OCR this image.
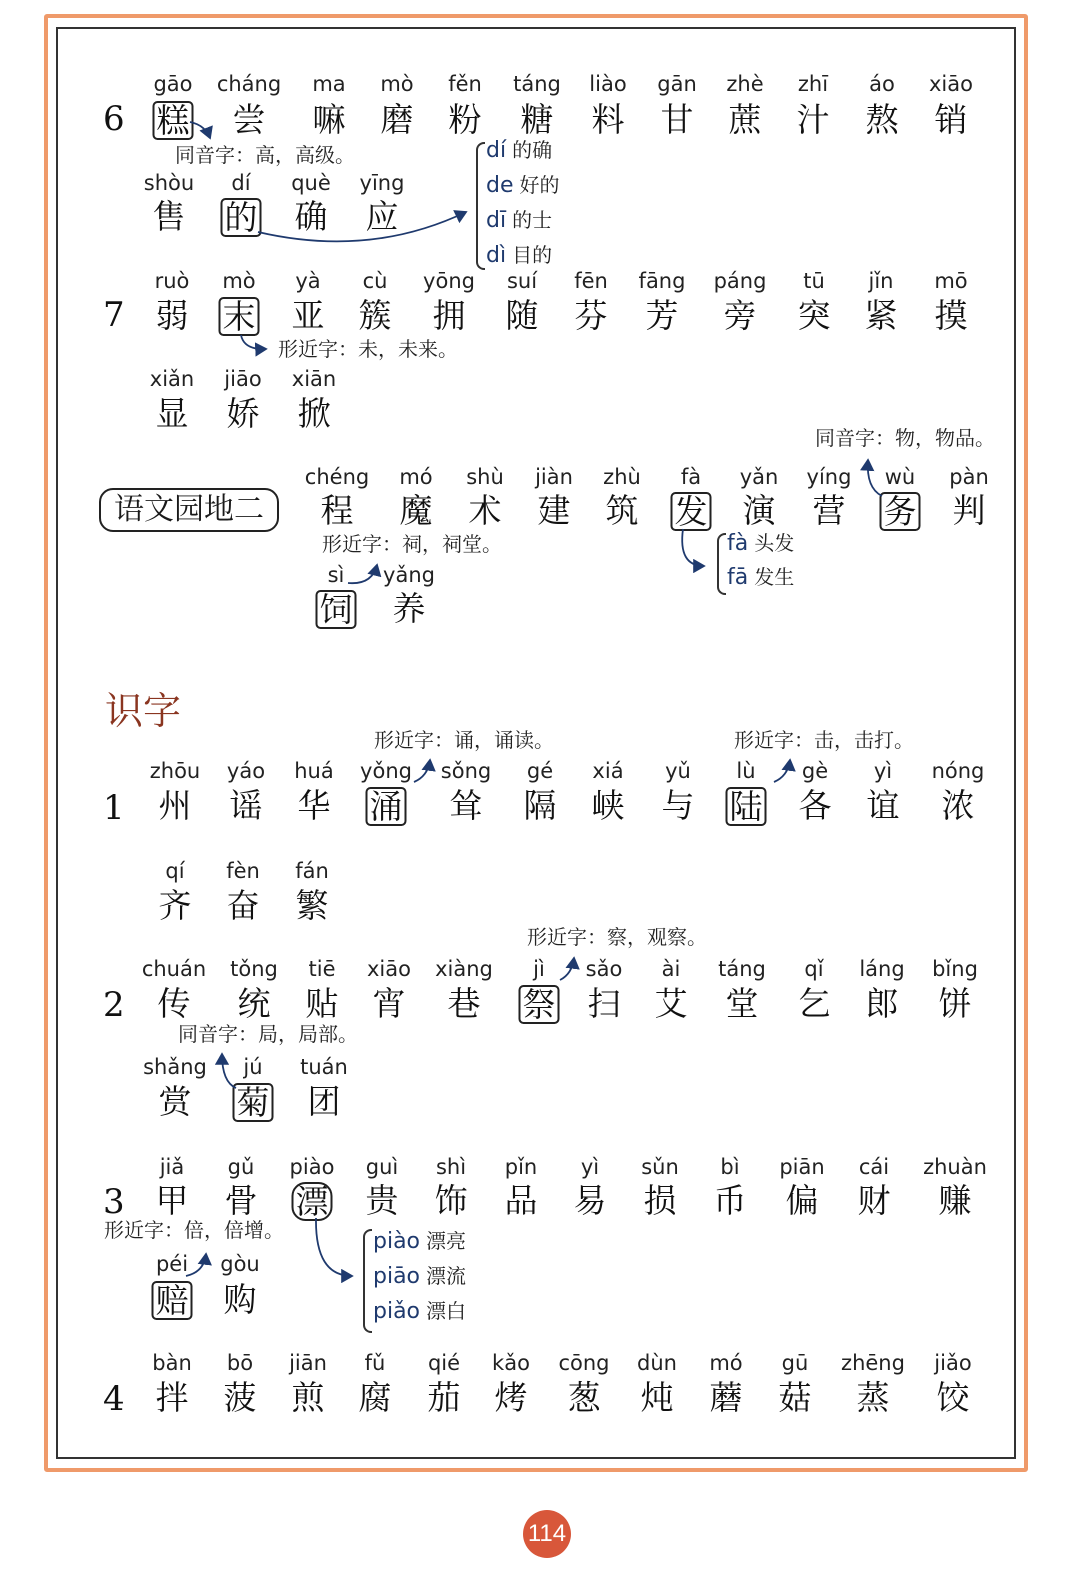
6
gāo
糕
cháng
尝
ma
嘛
mò
磨
fěn
粉
táng
糖
liào
料
gān
甘
zhè
蔗
zhī
汁
áo
熬
xiāo
销
同音字：高，高级。
shòu
售
dí
的
què
确
yīng
应
dí 的确
de 好的
dī 的士
dì 目的
7
ruò
弱
mò
末
yà
亚
cù
簇
yōng
拥
suí
随
fēn
芬
fāng
芳
páng
旁
tū
突
jǐn
紧
mō
摸
形近字：未，未来。
xiǎn
显
jiāo
娇
xiān
掀
同音字：物，物品。
语文园地二
chéng
程
mó
魔
shù
术
jiàn
建
zhù
筑
fà
发
yǎn
演
yíng
营
wù
务
pàn
判
形近字：祠，祠堂。	fà 头发
fā 发生
sì
饲
yǎng
养
识字
形近字：诵，诵读。	形近字：击，击打。
1
zhōu
州
yáo
谣
huá
华
yǒng
涌
sǒng
耸
gé
隔
xiá
峡
yǔ
与
lù
陆
gè
各
yì
谊
nóng
浓
qí
齐
fèn
奋
fán
繁
形近字：察，观察。
2
chuán
传
tǒng
统
tiē
贴
xiāo
宵
xiàng
巷
jì
祭
sǎo
扫
ài
艾
táng
堂
qǐ
乞
láng
郎
bǐng
饼
同音字：局，局部。
shǎng
赏
jú
菊
tuán
团
3
jiǎ
甲
gǔ
骨
piào
漂
guì
贵
shì
饰
pǐn
品
yì
易
sǔn
损
bì
币
piān
偏
cái
财
zhuàn
赚
形近字：倍，倍增。
péi
赔
gòu
购
piào 漂亮
piāo 漂流
piǎo 漂白
4
bàn
拌
bō
菠
jiān
煎
fǔ
腐
qié
茄
kǎo
烤
cōng
葱
dùn
炖
mó
蘑
gū
菇
zhēng
蒸
jiǎo
饺
114
